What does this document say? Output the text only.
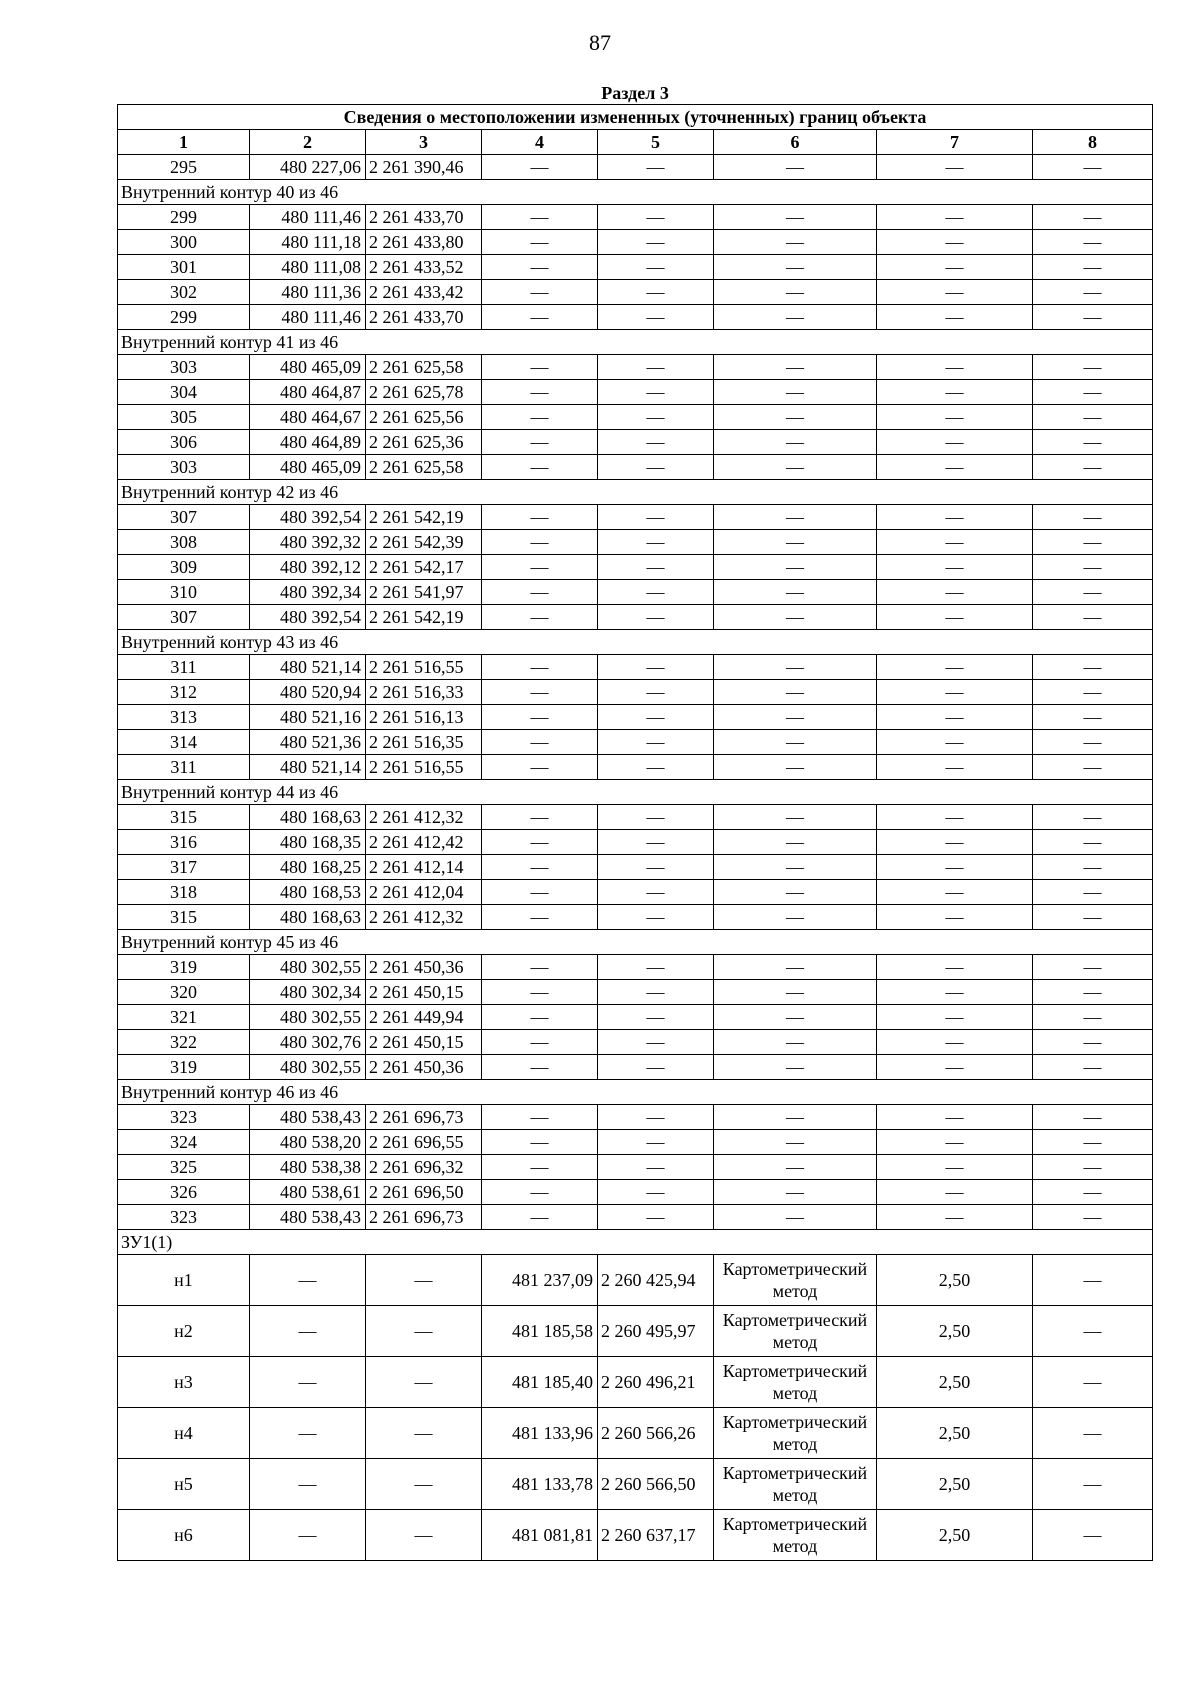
87
Раздел 3							
Сведения о местоположении измененных (уточненных) границ объекта							
1	2	3	4	5	6	7	8
295	480 227,06	2 261 390,46	—	—	—	—	—
Внутренний контур 40 из 46							
299	480 111,46	2 261 433,70	—	—	—	—	—
300	480 111,18	2 261 433,80	—	—	—	—	—
301	480 111,08	2 261 433,52	—	—	—	—	—
302	480 111,36	2 261 433,42	—	—	—	—	—
299	480 111,46	2 261 433,70	—	—	—	—	—
Внутренний контур 41 из 46							
303	480 465,09	2 261 625,58	—	—	—	—	—
304	480 464,87	2 261 625,78	—	—	—	—	—
305	480 464,67	2 261 625,56	—	—	—	—	—
306	480 464,89	2 261 625,36	—	—	—	—	—
303	480 465,09	2 261 625,58	—	—	—	—	—
Внутренний контур 42 из 46							
307	480 392,54	2 261 542,19	—	—	—	—	—
308	480 392,32	2 261 542,39	—	—	—	—	—
309	480 392,12	2 261 542,17	—	—	—	—	—
310	480 392,34	2 261 541,97	—	—	—	—	—
307	480 392,54	2 261 542,19	—	—	—	—	—
Внутренний контур 43 из 46							
311	480 521,14	2 261 516,55	—	—	—	—	—
312	480 520,94	2 261 516,33	—	—	—	—	—
313	480 521,16	2 261 516,13	—	—	—	—	—
314	480 521,36	2 261 516,35	—	—	—	—	—
311	480 521,14	2 261 516,55	—	—	—	—	—
Внутренний контур 44 из 46							
315	480 168,63	2 261 412,32	—	—	—	—	—
316	480 168,35	2 261 412,42	—	—	—	—	—
317	480 168,25	2 261 412,14	—	—	—	—	—
318	480 168,53	2 261 412,04	—	—	—	—	—
315	480 168,63	2 261 412,32	—	—	—	—	—
Внутренний контур 45 из 46							
319	480 302,55	2 261 450,36	—	—	—	—	—
320	480 302,34	2 261 450,15	—	—	—	—	—
321	480 302,55	2 261 449,94	—	—	—	—	—
322	480 302,76	2 261 450,15	—	—	—	—	—
319	480 302,55	2 261 450,36	—	—	—	—	—
Внутренний контур 46 из 46							
323	480 538,43	2 261 696,73	—	—	—	—	—
324	480 538,20	2 261 696,55	—	—	—	—	—
325	480 538,38	2 261 696,32	—	—	—	—	—
326	480 538,61	2 261 696,50	—	—	—	—	—
323	480 538,43	2 261 696,73	—	—	—	—	—
ЗУ1(1)							
н1	—	—	481 237,09	2 260 425,94	Картометрический метод	2,50	—
н2	—	—	481 185,58	2 260 495,97	Картометрический метод	2,50	—
н3	—	—	481 185,40	2 260 496,21	Картометрический метод	2,50	—
н4	—	—	481 133,96	2 260 566,26	Картометрический метод	2,50	—
н5	—	—	481 133,78	2 260 566,50	Картометрический метод	2,50	—
н6	—	—	481 081,81	2 260 637,17	Картометрический метод	2,50	—
